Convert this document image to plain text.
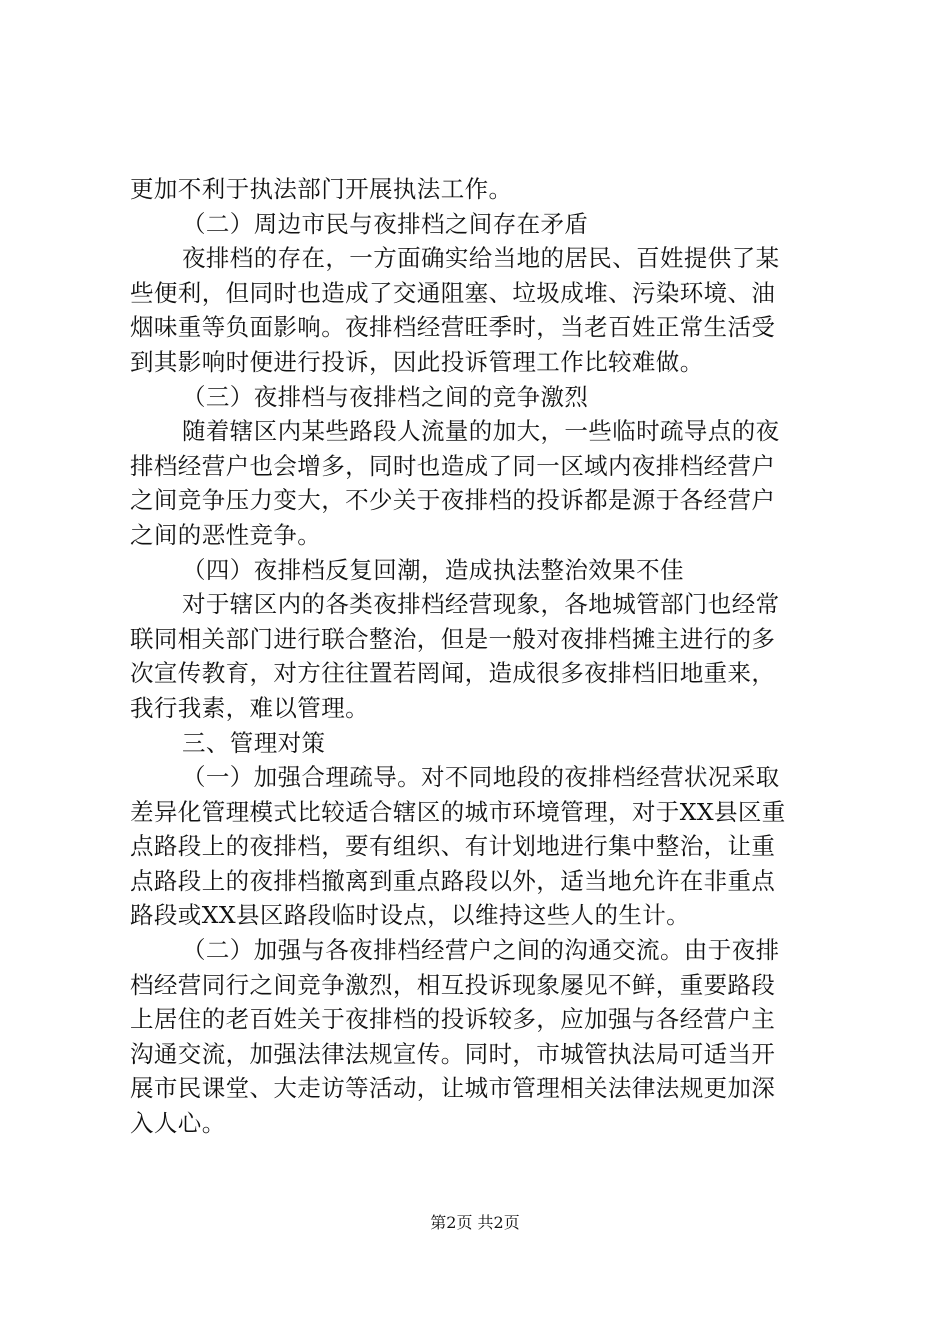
更加不利于执法部门开展执法工作。
（二）周边市民与夜排档之间存在矛盾
夜排档的存在，一方面确实给当地的居民、百姓提供了某
些便利，但同时也造成了交通阻塞、垃圾成堆、污染环境、油
烟味重等负面影响。夜排档经营旺季时，当老百姓正常生活受
到其影响时便进行投诉，因此投诉管理工作比较难做。
（三）夜排档与夜排档之间的竞争激烈
随着辖区内某些路段人流量的加大，一些临时疏导点的夜
排档经营户也会增多，同时也造成了同一区域内夜排档经营户
之间竞争压力变大，不少关于夜排档的投诉都是源于各经营户
之间的恶性竞争。
（四）夜排档反复回潮，造成执法整治效果不佳
对于辖区内的各类夜排档经营现象，各地城管部门也经常
联同相关部门进行联合整治，但是一般对夜排档摊主进行的多
次宣传教育，对方往往置若罔闻，造成很多夜排档旧地重来，
我行我素，难以管理。
三、管理对策
（一）加强合理疏导。对不同地段的夜排档经营状况采取
差异化管理模式比较适合辖区的城市环境管理，对于XX县区重
点路段上的夜排档，要有组织、有计划地进行集中整治，让重
点路段上的夜排档撤离到重点路段以外，适当地允许在非重点
路段或XX县区路段临时设点，以维持这些人的生计。
（二）加强与各夜排档经营户之间的沟通交流。由于夜排
档经营同行之间竞争激烈，相互投诉现象屡见不鲜，重要路段
上居住的老百姓关于夜排档的投诉较多，应加强与各经营户主
沟通交流，加强法律法规宣传。同时，市城管执法局可适当开
展市民课堂、大走访等活动，让城市管理相关法律法规更加深
入人心。
第2页 共2页
